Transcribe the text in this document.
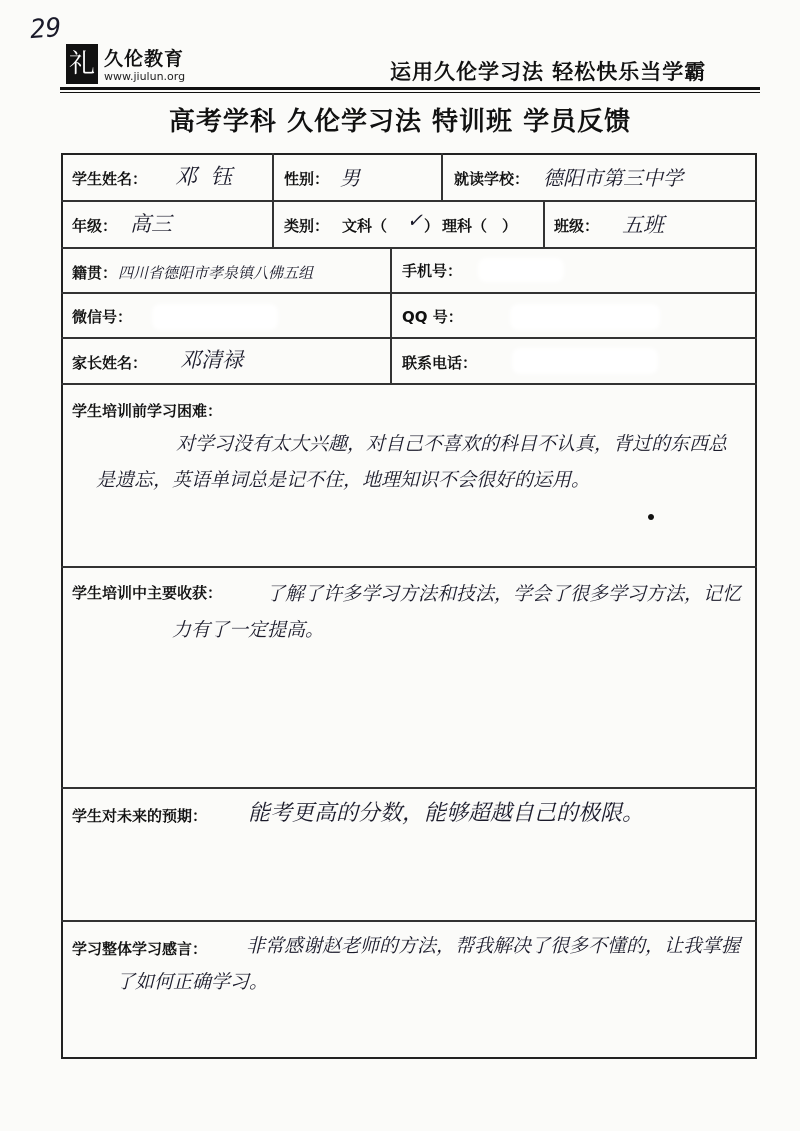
29
礼 久伦教育
www.jiulun.org	运用久伦学习法 轻松快乐当学霸
高考学科 久伦学习法 特训班 学员反馈
学生姓名： 邓 钰	性别： 男	就读学校： 德阳市第三中学
年级： 高三	类别： 文科（ ✓ ） 理科（　） 班级： 五班
籍贯： 四川省德阳市孝泉镇八佛五组	手机号：
微信号：	QQ 号：
家长姓名： 邓清禄	联系电话：
学生培训前学习困难：
对学习没有太大兴趣，对自己不喜欢的科目不认真，背过的东西总是遗忘，英语单词总是记不住，地理知识不会很好的运用。
学生培训中主要收获：	了解了许多学习方法和技法，学会了很多学习方法，记忆力有了一定提高。
学生对未来的预期： 能考更高的分数，能够超越自己的极限。
学习整体学习感言：	非常感谢赵老师的方法，帮我解决了很多不懂的，让我掌握了如何正确学习。
